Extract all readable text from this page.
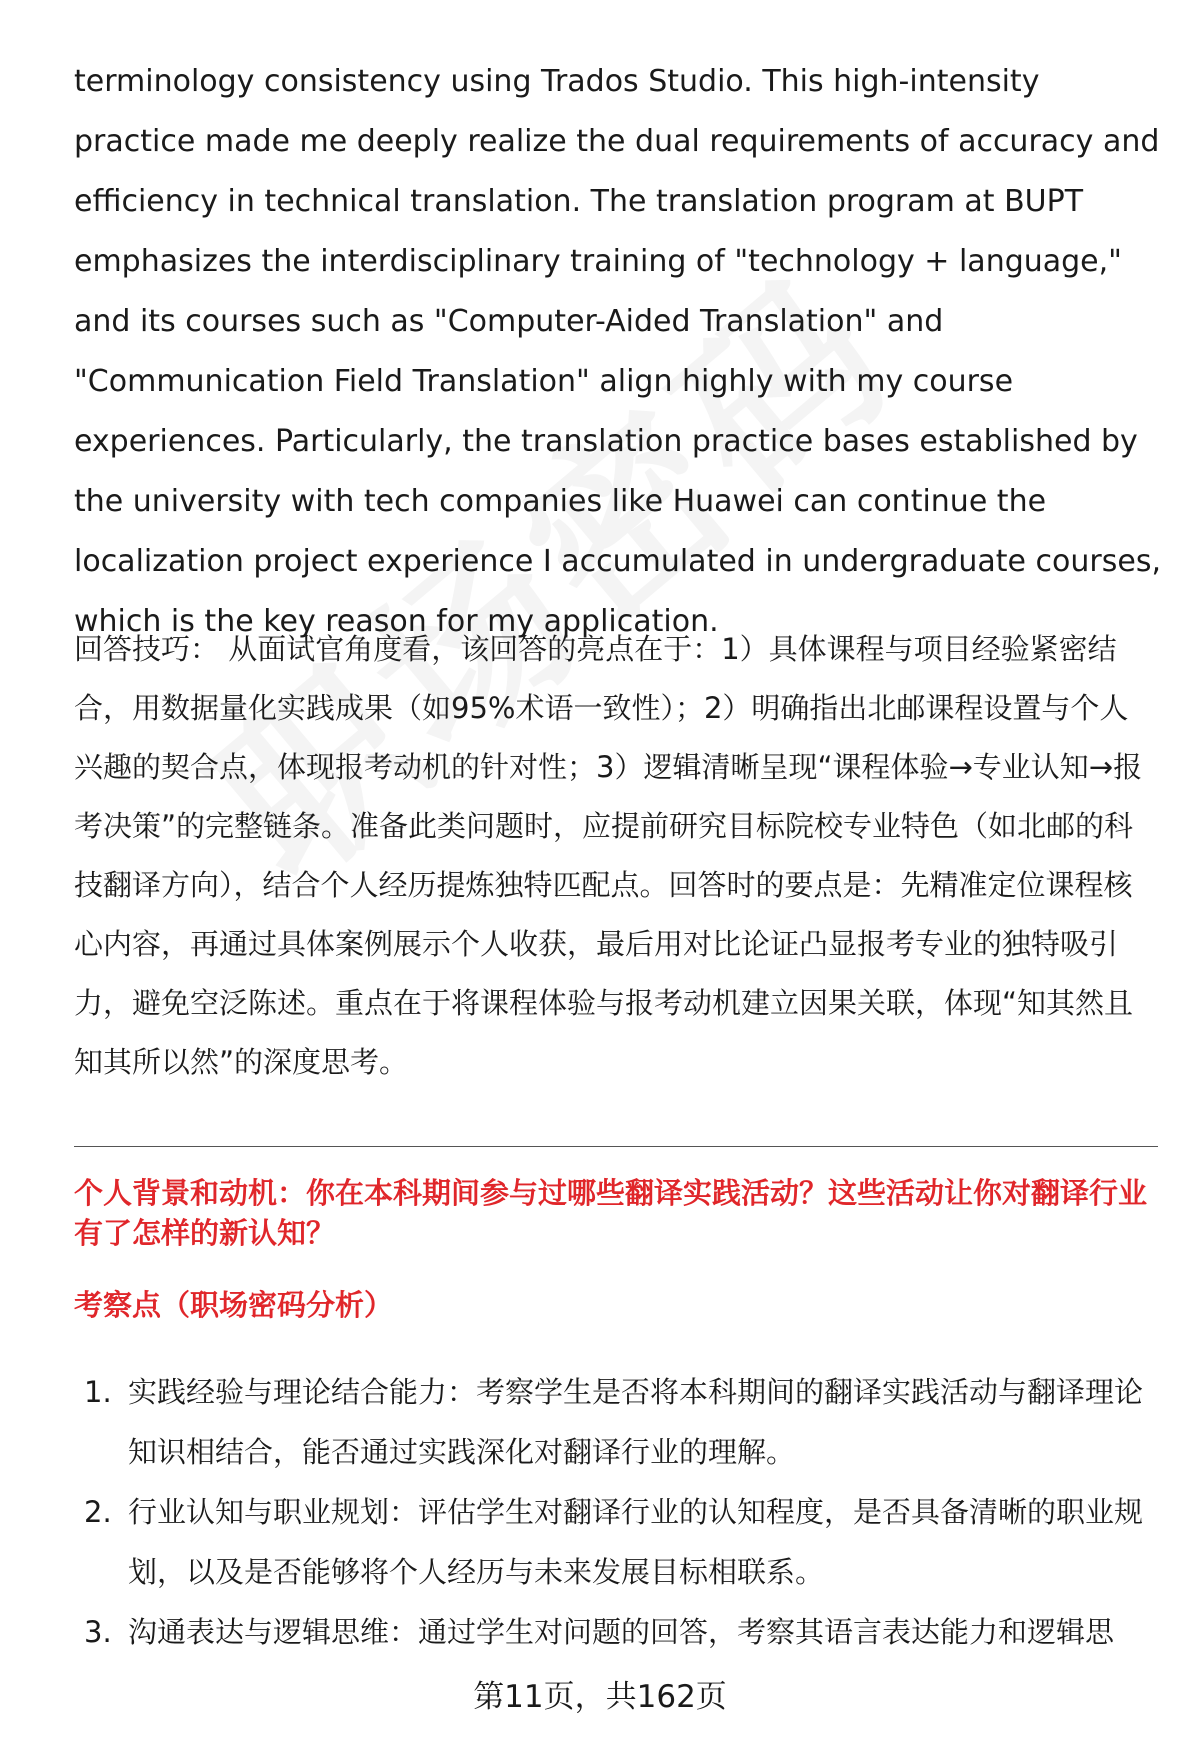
terminology consistency using Trados Studio. This high-intensity practice made me deeply realize the dual requirements of accuracy and efficiency in technical translation. The translation program at BUPT emphasizes the interdisciplinary training of "technology + language," and its courses such as "Computer-Aided Translation" and "Communication Field Translation" align highly with my course experiences. Particularly, the translation practice bases established by the university with tech companies like Huawei can continue the localization project experience I accumulated in undergraduate courses, which is the key reason for my application.

回答技巧： 从面试官角度看，该回答的亮点在于：1）具体课程与项目经验紧密结合，用数据量化实践成果（如95%术语一致性）；2）明确指出北邮课程设置与个人兴趣的契合点，体现报考动机的针对性；3）逻辑清晰呈现“课程体验→专业认知→报考决策”的完整链条。准备此类问题时，应提前研究目标院校专业特色（如北邮的科技翻译方向），结合个人经历提炼独特匹配点。回答时的要点是：先精准定位课程核心内容，再通过具体案例展示个人收获，最后用对比论证凸显报考专业的独特吸引力，避免空泛陈述。重点在于将课程体验与报考动机建立因果关联，体现“知其然且知其所以然”的深度思考。

个人背景和动机：你在本科期间参与过哪些翻译实践活动？这些活动让你对翻译行业有了怎样的新认知？

考察点（职场密码分析）

1. 实践经验与理论结合能力：考察学生是否将本科期间的翻译实践活动与翻译理论知识相结合，能否通过实践深化对翻译行业的理解。
2. 行业认知与职业规划：评估学生对翻译行业的认知程度，是否具备清晰的职业规划，以及是否能够将个人经历与未来发展目标相联系。
3. 沟通表达与逻辑思维：通过学生对问题的回答，考察其语言表达能力和逻辑思
第11页，共162页
